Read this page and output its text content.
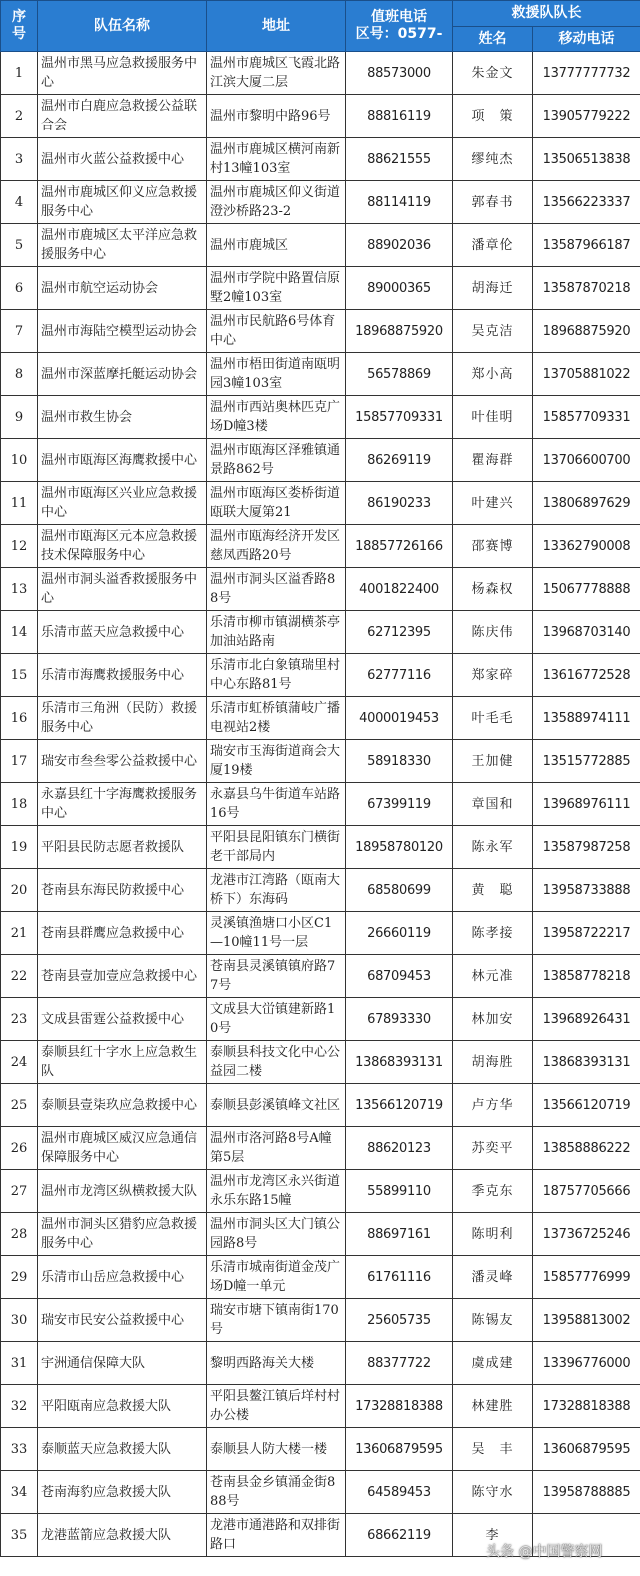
序号	队伍名称	地址	值班电话
区号：0577-	救援队队长	
				姓名	移动电话
1	温州市黑马应急救援服务中心	温州市鹿城区飞霞北路江滨大厦二层	88573000	朱金文	13777777732
2	温州市白鹿应急救援公益联合会	温州市黎明中路96号	88816119	项　策	13905779222
3	温州市火蓝公益救援中心	温州市鹿城区横河南新村13幢103室	88621555	缪纯杰	13506513838
4	温州市鹿城区仰义应急救援服务中心	温州市鹿城区仰义街道澄沙桥路23-2	88114119	郭春书	13566223337
5	温州市鹿城区太平洋应急救援服务中心	温州市鹿城区	88902036	潘章伦	13587966187
6	温州市航空运动协会	温州市学院中路置信原墅2幢103室	89000365	胡海迁	13587870218
7	温州市海陆空模型运动协会	温州市民航路6号体育中心	18968875920	吴克洁	18968875920
8	温州市深蓝摩托艇运动协会	温州市梧田街道南瓯明园3幢103室	56578869	郑小高	13705881022
9	温州市救生协会	温州市西站奥林匹克广场D幢3楼	15857709331	叶佳明	15857709331
10	温州市瓯海区海鹰救援中心	温州市瓯海区泽雅镇通景路862号	86269119	瞿海群	13706600700
11	温州市瓯海区兴业应急救援中心	温州市瓯海区娄桥街道瓯联大厦第21	86190233	叶建兴	13806897629
12	温州市瓯海区元本应急救援技术保障服务中心	温州市瓯海经济开发区慈凤西路20号	18857726166	邵赛博	13362790008
13	温州市洞头溢香救援服务中心	温州市洞头区溢香路88号	4001822400	杨森权	15067778888
14	乐清市蓝天应急救援中心	乐清市柳市镇湖横茶亭加油站路南	62712395	陈庆伟	13968703140
15	乐清市海鹰救援服务中心	乐清市北白象镇瑞里村中心东路81号	62777116	郑家碎	13616772528
16	乐清市三角洲（民防）救援服务中心	乐清市虹桥镇蒲岐广播电视站2楼	4000019453	叶毛毛	13588974111
17	瑞安市叁叁零公益救援中心	瑞安市玉海街道商会大厦19楼	58918330	王加健	13515772885
18	永嘉县红十字海鹰救援服务中心	永嘉县乌牛街道车站路16号	67399119	章国和	13968976111
19	平阳县民防志愿者救援队	平阳县昆阳镇东门横街老干部局内	18958780120	陈永军	13587987258
20	苍南县东海民防救援中心	龙港市江湾路（瓯南大桥下）东海码	68580699	黄　聪	13958733888
21	苍南县群鹰应急救援中心	灵溪镇渔塘口小区C1—10幢11号一层	26660119	陈孝接	13958722217
22	苍南县壹加壹应急救援中心	苍南县灵溪镇镇府路77号	68709453	林元准	13858778218
23	文成县雷霆公益救援中心	文成县大峃镇建新路10号	67893330	林加安	13968926431
24	泰顺县红十字水上应急救生队	泰顺县科技文化中心公益园二楼	13868393131	胡海胜	13868393131
25	泰顺县壹柒玖应急救援中心	泰顺县彭溪镇峰文社区	13566120719	卢方华	13566120719
26	温州市鹿城区威汉应急通信保障服务中心	温州市洛河路8号A幢第5层	88620123	苏奕平	13858886222
27	温州市龙湾区纵横救援大队	温州市龙湾区永兴街道永乐东路15幢	55899110	季克东	18757705666
28	温州市洞头区猎豹应急救援服务中心	温州市洞头区大门镇公园路8号	88697161	陈明利	13736725246
29	乐清市山岳应急救援中心	乐清市城南街道金茂广场D幢一单元	61761116	潘灵峰	15857776999
30	瑞安市民安公益救援中心	瑞安市塘下镇南街170号	25605735	陈锡友	13958813002
31	宇洲通信保障大队	黎明西路海关大楼	88377722	虞成建	13396776000
32	平阳瓯南应急救援大队	平阳县鳌江镇后垟村村办公楼	17328818388	林建胜	17328818388
33	泰顺蓝天应急救援大队	泰顺县人防大楼一楼	13606879595	吴　丰	13606879595
34	苍南海豹应急救援大队	苍南县金乡镇涌金街888号	64589453	陈守水	13958788885
35	龙港蓝箭应急救援大队	龙港市通港路和双排街路口	68662119	李	
头条 @中国警察网
